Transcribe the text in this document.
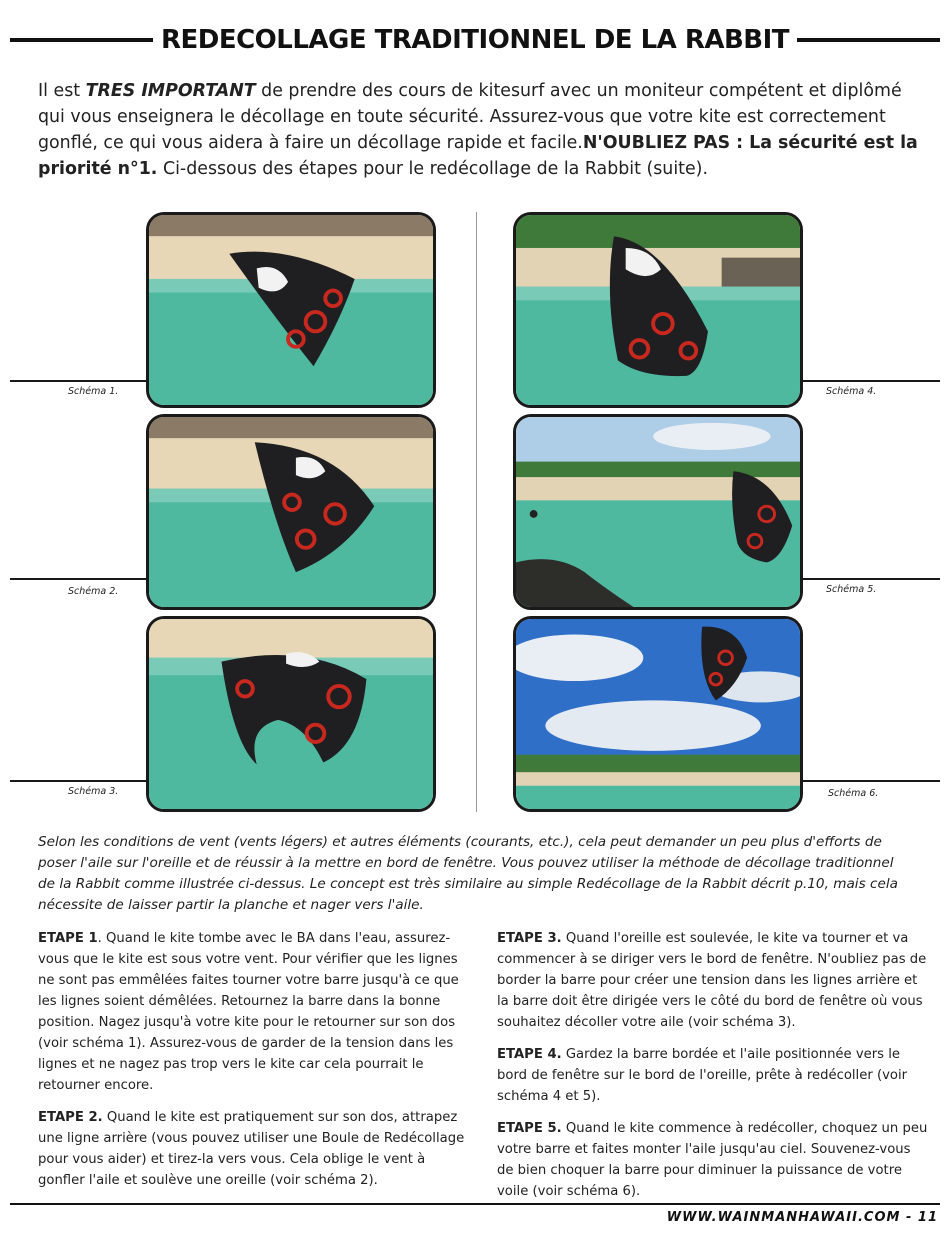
REDECOLLAGE TRADITIONNEL DE LA RABBIT
Il est TRES IMPORTANT de prendre des cours de kitesurf avec un moniteur compétent et diplômé qui vous enseignera le décollage en toute sécurité. Assurez-vous que votre kite est correctement gonflé, ce qui vous aidera à faire un décollage rapide et facile.N'OUBLIEZ PAS : La sécurité est la priorité n°1. Ci-dessous des étapes pour le redécollage de la Rabbit (suite).
Schéma 1.
Schéma 2.
Schéma 3.
Schéma 4.
Schéma 5.
Schéma 6.
Selon les conditions de vent (vents légers) et autres éléments (courants, etc.), cela peut demander un peu plus d'efforts de poser l'aile sur l'oreille et de réussir à la mettre en bord de fenêtre. Vous pouvez utiliser la méthode de décollage traditionnel de la Rabbit comme illustrée ci-dessus. Le concept est très similaire au simple Redécollage de la Rabbit décrit p.10, mais cela nécessite de laisser partir la planche et nager vers l'aile.

ETAPE 1. Quand le kite tombe avec le BA dans l'eau, assurez-vous que le kite est sous votre vent. Pour vérifier que les lignes ne sont pas emmêlées faites tourner votre barre jusqu'à ce que les lignes soient démêlées. Retournez la barre dans la bonne position. Nagez jusqu'à votre kite pour le retourner sur son dos (voir schéma 1). Assurez-vous de garder de la tension dans les lignes et ne nagez pas trop vers le kite car cela pourrait le retourner encore.

ETAPE 2. Quand le kite est pratiquement sur son dos, attrapez une ligne arrière (vous pouvez utiliser une Boule de Redécollage pour vous aider) et tirez-la vers vous. Cela oblige le vent à gonfler l'aile et soulève une oreille (voir schéma 2).

ETAPE 3. Quand l'oreille est soulevée, le kite va tourner et va commencer à se diriger vers le bord de fenêtre. N'oubliez pas de border la barre pour créer une tension dans les lignes arrière et la barre doit être dirigée vers le côté du bord de fenêtre où vous souhaitez décoller votre aile (voir schéma 3).

ETAPE 4. Gardez la barre bordée et l'aile positionnée vers le bord de fenêtre sur le bord de l'oreille, prête à redécoller (voir schéma 4 et 5).

ETAPE 5. Quand le kite commence à redécoller, choquez un peu votre barre et faites monter l'aile jusqu'au ciel. Souvenez-vous de bien choquer la barre pour diminuer la puissance de votre voile (voir schéma 6).

WWW.WAINMANHAWAII.COM - 11
